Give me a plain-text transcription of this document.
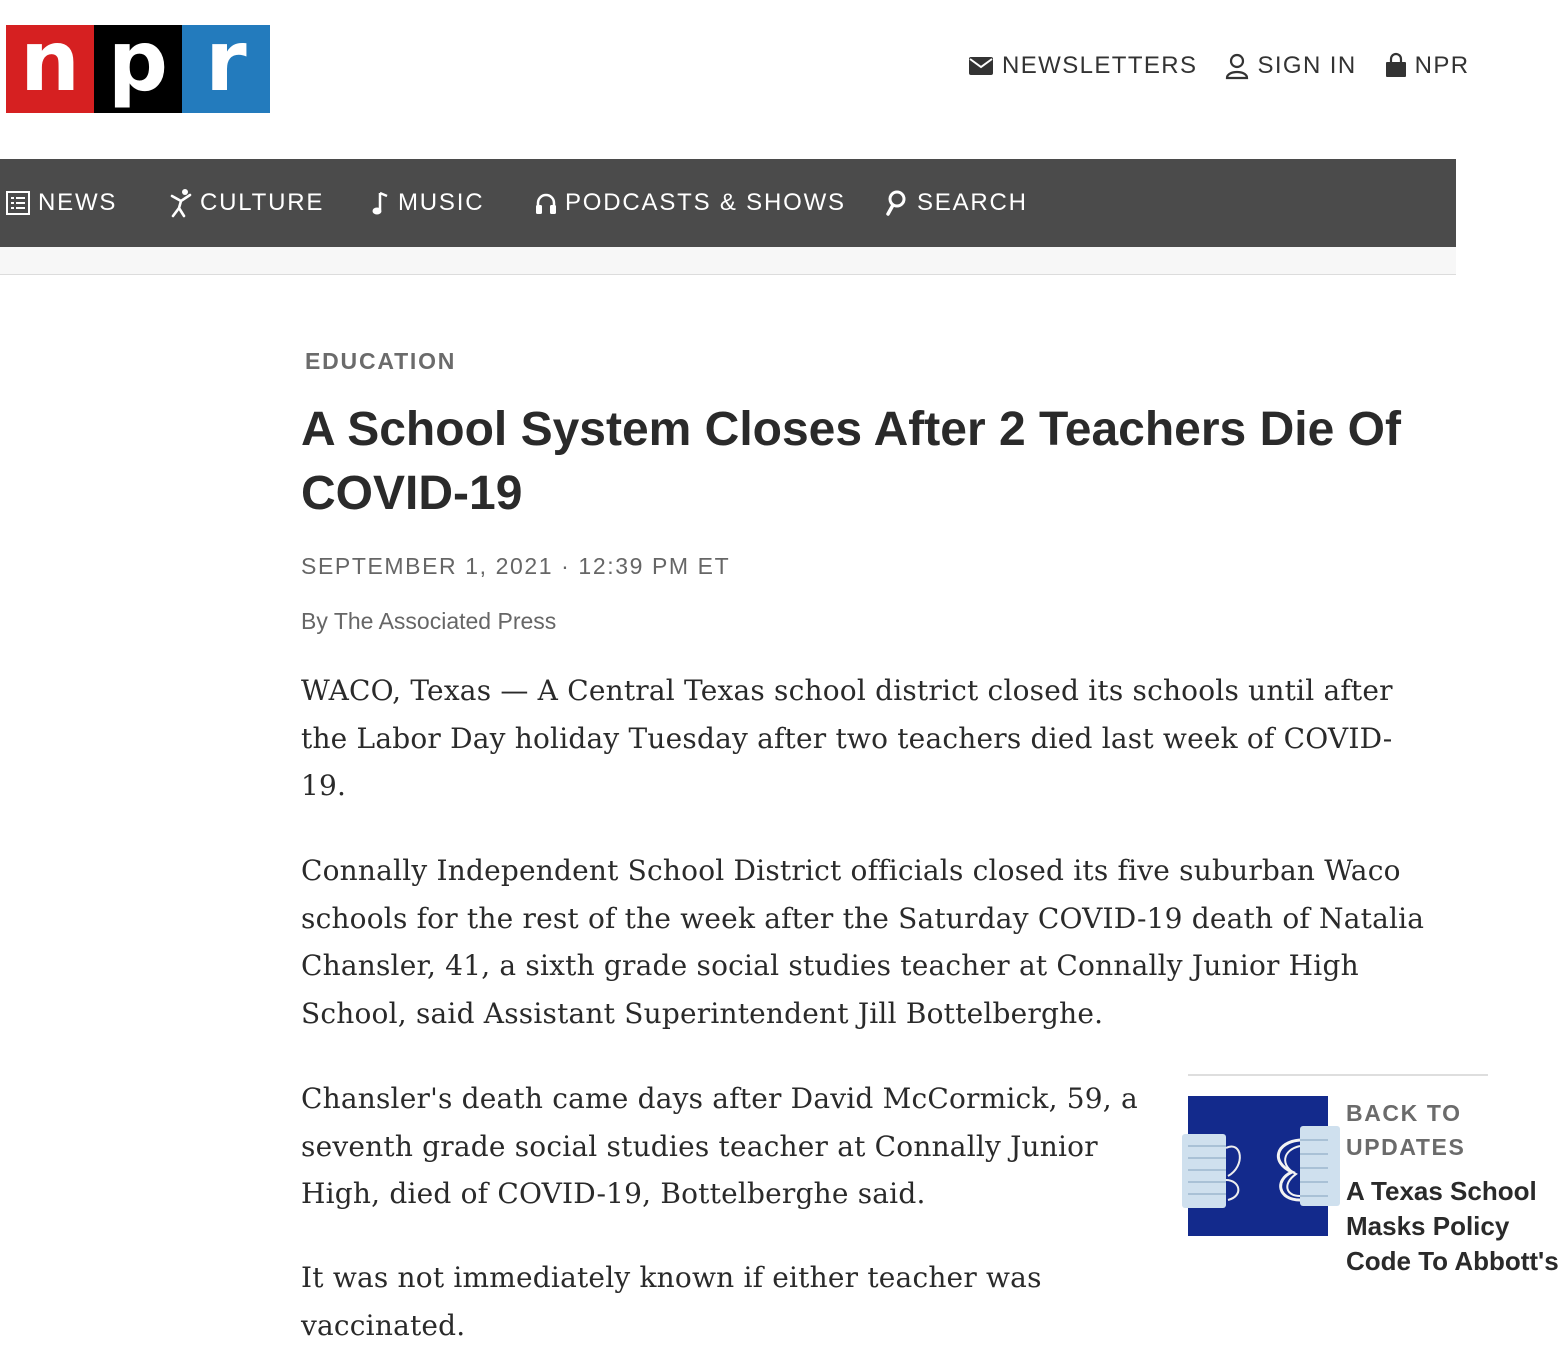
n p r	NEWSLETTERS	SIGN IN NPR
NEWS	CULTURE	MUSIC	PODCASTS & SHOWS	SEARCH
EDUCATION
A School System Closes After 2 Teachers Die Of COVID-19
SEPTEMBER 1, 2021 · 12:39 PM ET
By The Associated Press

WACO, Texas — A Central Texas school district closed its schools until after the Labor Day holiday Tuesday after two teachers died last week of COVID-19.

Connally Independent School District officials closed its five suburban Waco schools for the rest of the week after the Saturday COVID-19 death of Natalia Chansler, 41, a sixth grade social studies teacher at Connally Junior High School, said Assistant Superintendent Jill Bottelberghe.

Chansler's death came days after David McCormick, 59, a seventh grade social studies teacher at Connally Junior High, died of COVID-19, Bottelberghe said.

It was not immediately known if either teacher was vaccinated.

BACK TO UPDATES
A Texas School Masks Policy Code To Abbott's
